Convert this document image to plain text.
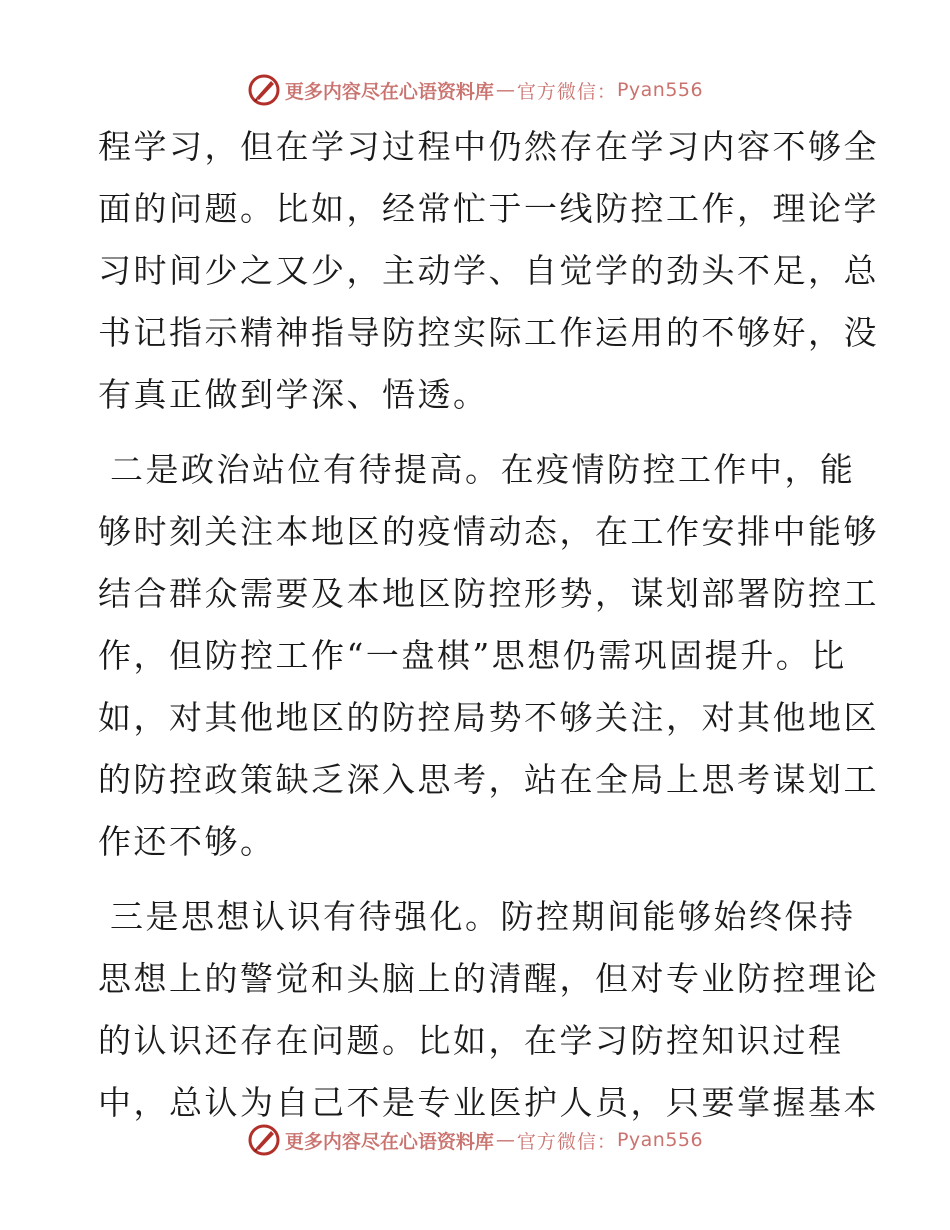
更多内容尽在心语资料库 — 官方微信： Pyan556
程学习，但在学习过程中仍然存在学习内容不够全
面的问题。比如，经常忙于一线防控工作，理论学
习时间少之又少，主动学、自觉学的劲头不足，总
书记指示精神指导防控实际工作运用的不够好，没
有真正做到学深、悟透。
二是政治站位有待提高。在疫情防控工作中，能
够时刻关注本地区的疫情动态，在工作安排中能够
结合群众需要及本地区防控形势，谋划部署防控工
作，但防控工作“一盘棋”思想仍需巩固提升。比
如，对其他地区的防控局势不够关注，对其他地区
的防控政策缺乏深入思考，站在全局上思考谋划工
作还不够。
三是思想认识有待强化。防控期间能够始终保持
思想上的警觉和头脑上的清醒，但对专业防控理论
的认识还存在问题。比如，在学习防控知识过程
中，总认为自己不是专业医护人员，只要掌握基本
更多内容尽在心语资料库 — 官方微信： Pyan556
